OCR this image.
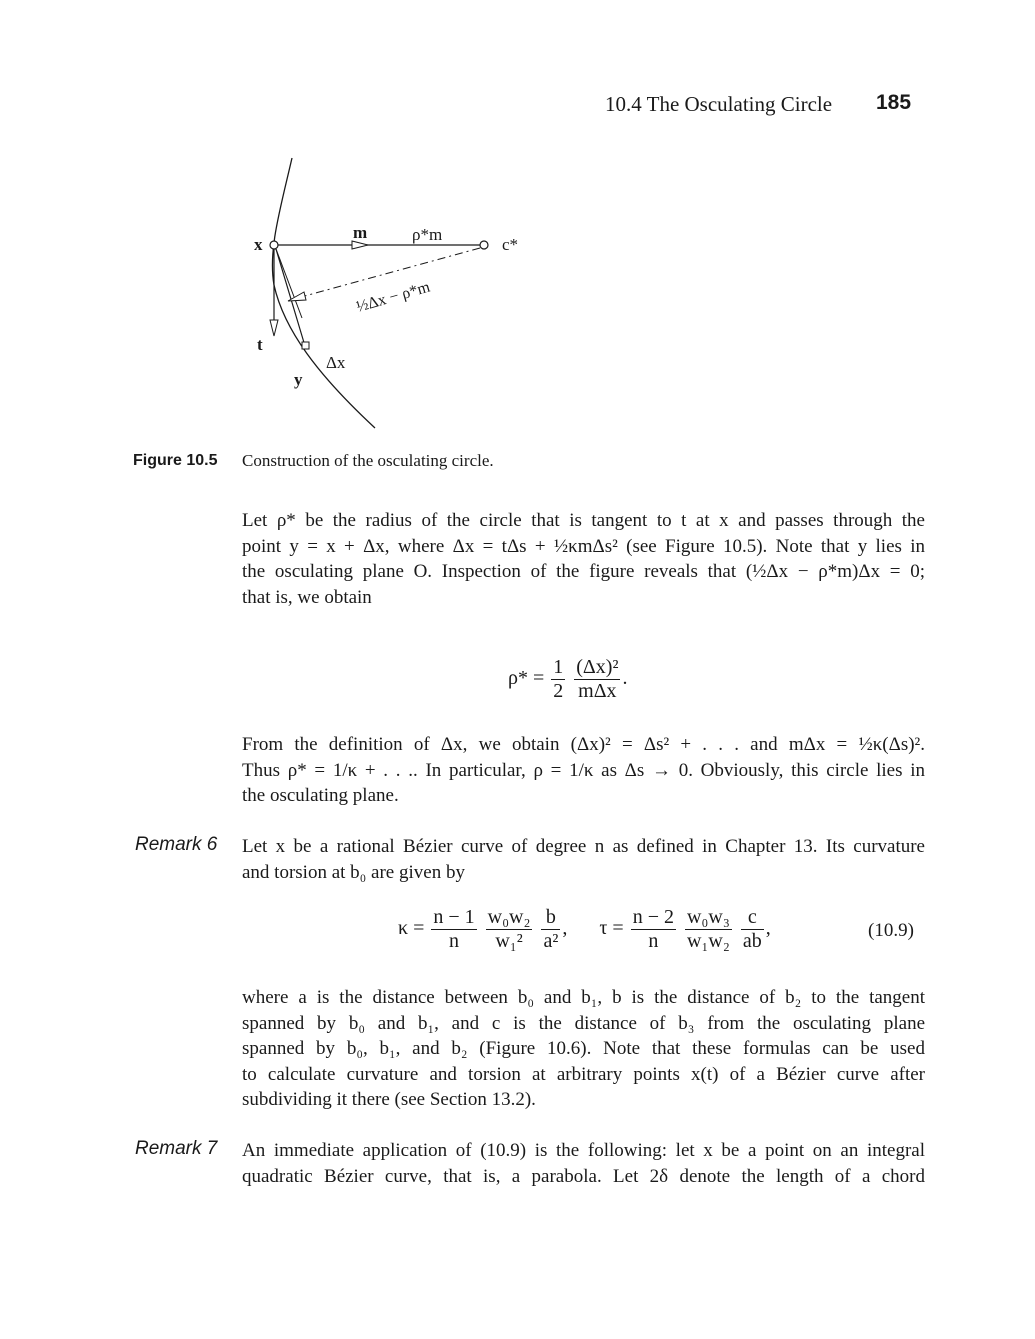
10.4 The Osculating Circle 185
x
m	ρ*m
c*
½Δx − ρ*m
t
Δx
y
Figure 10.5 Construction of the osculating circle.
Let ρ* be the radius of the circle that is tangent to t at x and passes through the
point y = x + Δx, where Δx = tΔs + ½κmΔs² (see Figure 10.5). Note that y lies in
the osculating plane O. Inspection of the figure reveals that (½Δx − ρ*m)Δx = 0;
that is, we obtain
$\rho* = \frac{1}{2}$
$\frac{\text{(Δx)²}}{\text{mΔx}}$ .
From the definition of Δx, we obtain (Δx)² = Δs² + . . . and mΔx = ½κ(Δs)².
Thus ρ* = 1/κ + . . .. In particular, ρ = 1/κ as Δs → 0. Obviously, this circle lies in
the osculating plane.
Remark 6 Let x be a rational Bézier curve of degree n as defined in Chapter 13. Its curvature
and torsion at b₀ are given by
$\kappa = \frac{n - 1}{n}$
$\frac{\text{w₀w₂}}{\text{w₁²}}$
$\frac{b}{\text{a²}}$ ,  $\tau = \frac{n - 2}{n}$
$\frac{\text{w₀w₃}}{\text{w₁w₂}}$
$\frac{c}{ab}$ ,	(10.9)
where a is the distance between b₀ and b₁, b is the distance of b₂ to the tangent
spanned by b₀ and b₁, and c is the distance of b₃ from the osculating plane
spanned by b₀, b₁, and b₂ (Figure 10.6). Note that these formulas can be used
to calculate curvature and torsion at arbitrary points x(t) of a Bézier curve after
subdividing it there (see Section 13.2).
Remark 7 An immediate application of (10.9) is the following: let x be a point on an integral
quadratic Bézier curve, that is, a parabola. Let 2δ denote the length of a chord
